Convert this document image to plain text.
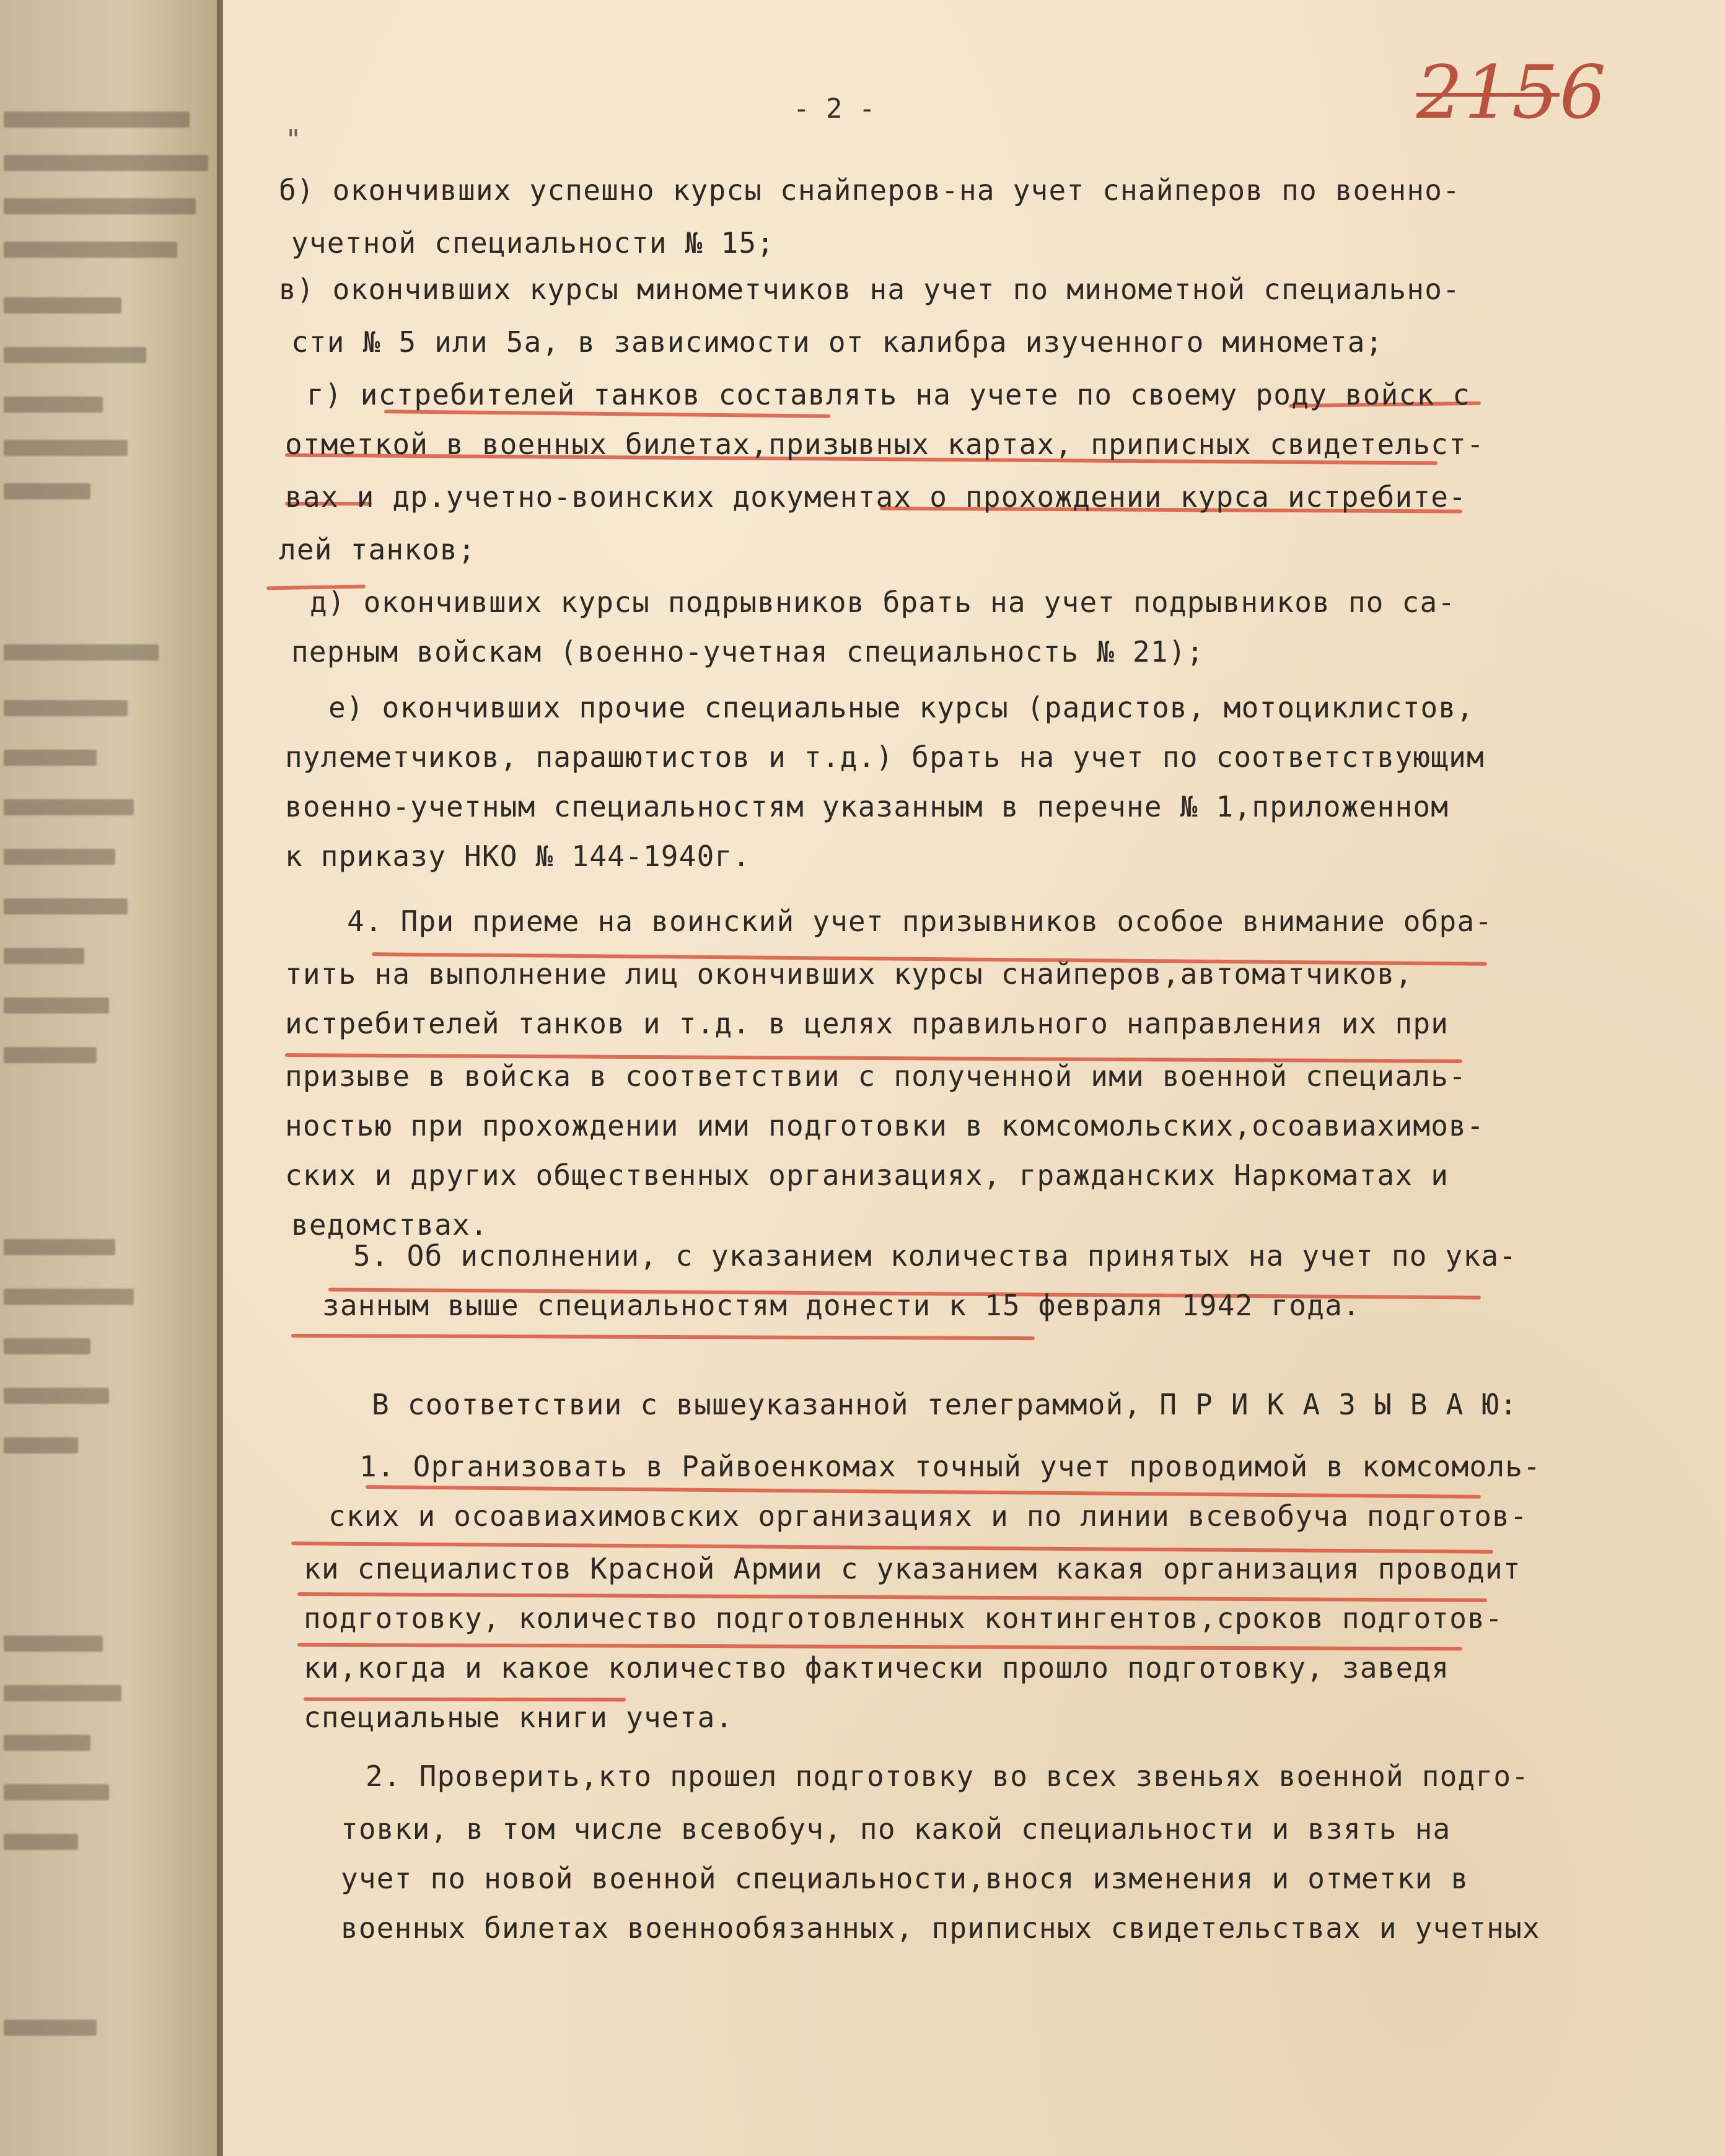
- 2 -	2156
"
б) окончивших успешно курсы снайперов-на учет снайперов по военно-
учетной специальности № 15;
в) окончивших курсы минометчиков на учет по минометной специально-
сти № 5 или 5а, в зависимости от калибра изученного миномета;
г) истребителей танков составлять на учете по своему роду войск с
отметкой в военных билетах,призывных картах, приписных свидетельст-
вах и др.учетно-воинских документах о прохождении курса истребите-
лей танков;
д) окончивших курсы подрывников брать на учет подрывников по са-
перным войскам (военно-учетная специальность № 21);
е) окончивших прочие специальные курсы (радистов, мотоциклистов,
пулеметчиков, парашютистов и т.д.) брать на учет по соответствующим
военно-учетным специальностям указанным в перечне № 1,приложенном
к приказу НКО № 144-1940г.
4. При приеме на воинский учет призывников особое внимание обра-
тить на выполнение лиц окончивших курсы снайперов,автоматчиков,
истребителей танков и т.д. в целях правильного направления их при
призыве в войска в соответствии с полученной ими военной специаль-
ностью при прохождении ими подготовки в комсомольских,осоавиахимов-
ских и других общественных организациях, гражданских Наркоматах и
ведомствах.
5. Об исполнении, с указанием количества принятых на учет по ука-
занным выше специальностям донести к 15 февраля 1942 года.
В соответствии с вышеуказанной телеграммой, П Р И К А З Ы В А Ю:
1. Организовать в Райвоенкомах точный учет проводимой в комсомоль-
ских и осоавиахимовских организациях и по линии всевобуча подготов-
ки специалистов Красной Армии с указанием какая организация проводит
подготовку, количество подготовленных контингентов,сроков подготов-
ки,когда и какое количество фактически прошло подготовку, заведя
специальные книги учета.
2. Проверить,кто прошел подготовку во всех звеньях военной подго-
товки, в том числе всевобуч, по какой специальности и взять на
учет по новой военной специальности,внося изменения и отметки в
военных билетах военнообязанных, приписных свидетельствах и учетных
